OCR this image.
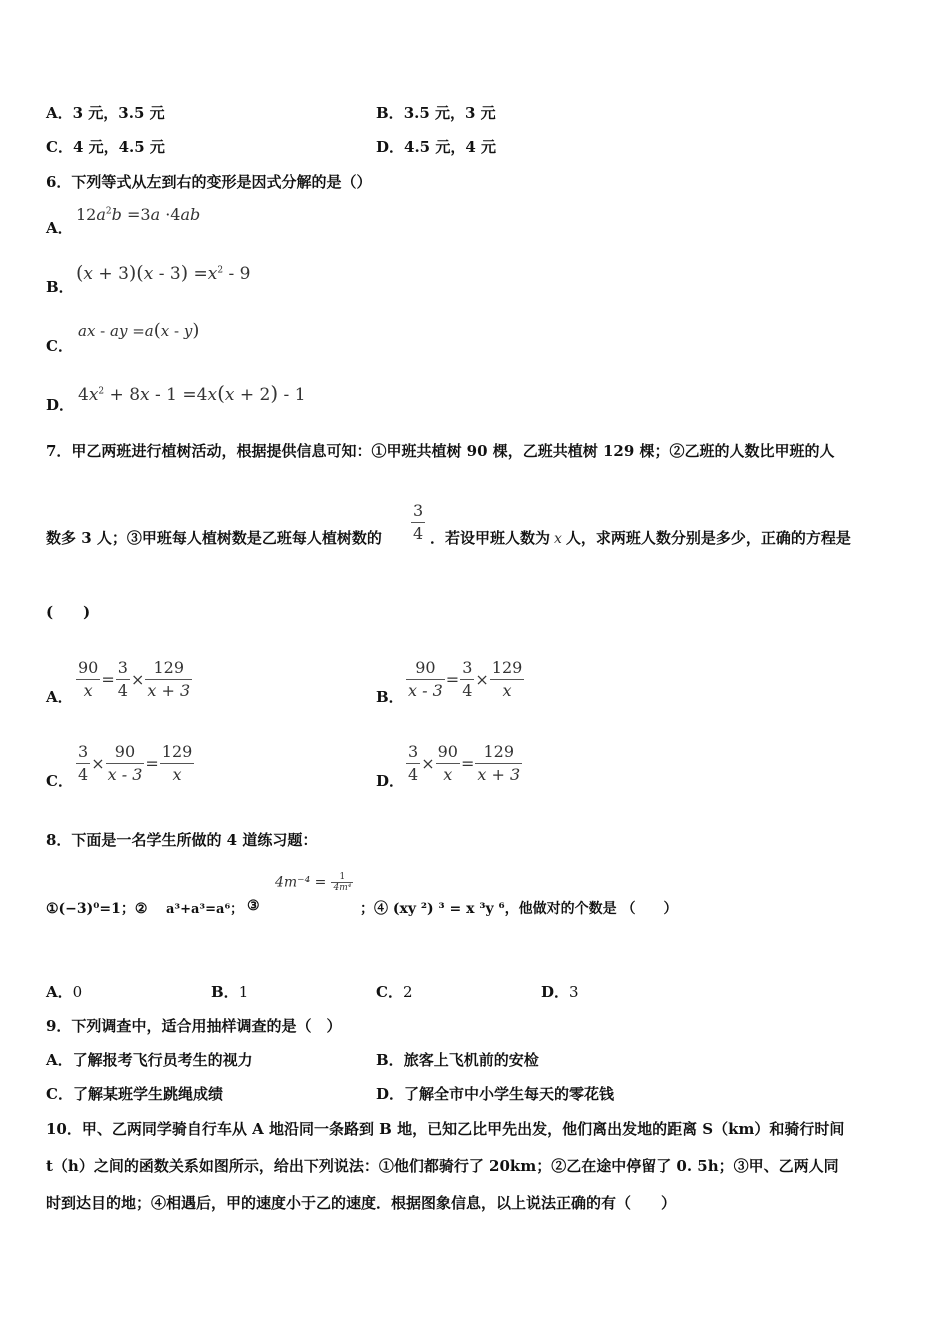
A．3 元，3.5 元	B．3.5 元，3 元
C．4 元，4.5 元	D．4.5 元，4 元
6．下列等式从左到右的变形是因式分解的是（）
A．
$12a^2b =3a \cdot 4ab$
B．
$(x + 3)(x - 3) =x^2 - 9$
C．
ax - ay =a(x - y)
D． $4x^2 + 8x - 1 =4x(x + 2) - 1$
7．甲乙两班进行植树活动，根据提供信息可知：①甲班共植树 90 棵，乙班共植树 129 棵；②乙班的人数比甲班的人
数多 3 人；③甲班每人植树数是乙班每人植树数的 $\frac{3}{4}$ ．若设甲班人数为 x 人，求两班人数分别是多少，正确的方程是
(　　)
A． $\frac{90}{x} = \frac{3}{4} \times \frac{129}{x + 3}$	B． $\frac{90}{x - 3} = \frac{3}{4} \times \frac{129}{x}$
C． $\frac{3}{4} \times \frac{90}{x - 3} = \frac{129}{x}$	D． $\frac{3}{4} \times \frac{90}{x} = \frac{129}{x + 3}$
8．下面是一名学生所做的 4 道练习题：
①(−3)⁰=1；② a³+a³=a⁶； ③
$4m^{-4} = \frac{1}{\text{4m⁴}}$
；④ (xy ²) ³ = x ³y ⁶，他做对的个数是 （　　）
A．0	B．1	C．2	D．3
9．下列调查中，适合用抽样调查的是（　）
A．了解报考飞行员考生的视力	B．旅客上飞机前的安检
C．了解某班学生跳绳成绩	D．了解全市中小学生每天的零花钱
10．甲、乙两同学骑自行车从 A 地沿同一条路到 B 地，已知乙比甲先出发，他们离出发地的距离 S（km）和骑行时间
t（h）之间的函数关系如图所示，给出下列说法：①他们都骑行了 20km；②乙在途中停留了 0. 5h；③甲、乙两人同
时到达目的地；④相遇后，甲的速度小于乙的速度．根据图象信息，以上说法正确的有（　　）
